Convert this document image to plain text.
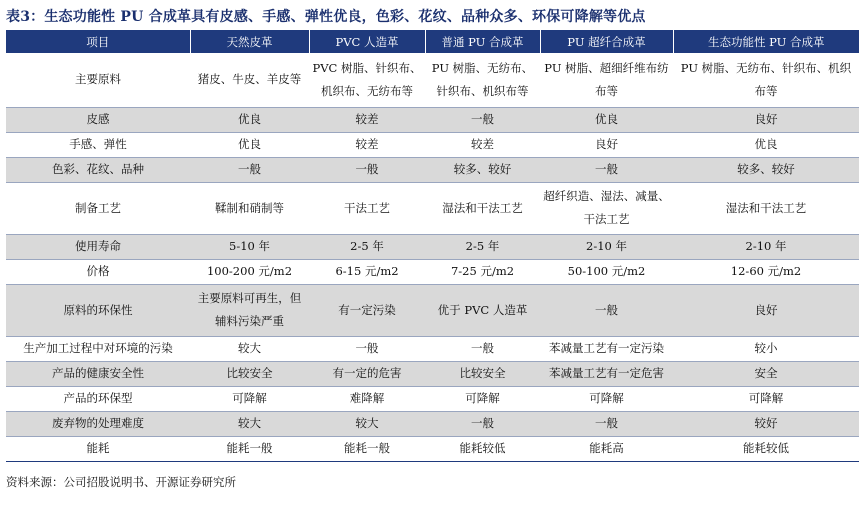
表3：生态功能性 PU 合成革具有皮感、手感、弹性优良，色彩、花纹、品种众多、环保可降解等优点
项目	天然皮革	PVC 人造革	普通 PU 合成革	PU 超纤合成革	生态功能性 PU 合成革
主要原料	猪皮、牛皮、羊皮等	PVC 树脂、针织布、机织布、无纺布等	PU 树脂、无纺布、针织布、机织布等	PU 树脂、超细纤维布纺布等	PU 树脂、无纺布、针织布、机织布等
皮感	优良	较差	一般	优良	良好
手感、弹性	优良	较差	较差	良好	优良
色彩、花纹、品种	一般	一般	较多、较好	一般	较多、较好
制备工艺	鞣制和硝制等	干法工艺	湿法和干法工艺	超纤织造、湿法、减量、干法工艺	湿法和干法工艺
使用寿命	5-10 年	2-5 年	2-5 年	2-10 年	2-10 年
价格	100-200 元/m2	6-15 元/m2	7-25 元/m2	50-100 元/m2	12-60 元/m2
原料的环保性	主要原料可再生，但辅料污染严重	有一定污染	优于 PVC 人造革	一般	良好
生产加工过程中对环境的污染	较大	一般	一般	苯减量工艺有一定污染	较小
产品的健康安全性	比较安全	有一定的危害	比较安全	苯减量工艺有一定危害	安全
产品的环保型	可降解	难降解	可降解	可降解	可降解
废弃物的处理难度	较大	较大	一般	一般	较好
能耗	能耗一般	能耗一般	能耗较低	能耗高	能耗较低
资料来源：公司招股说明书、开源证券研究所
